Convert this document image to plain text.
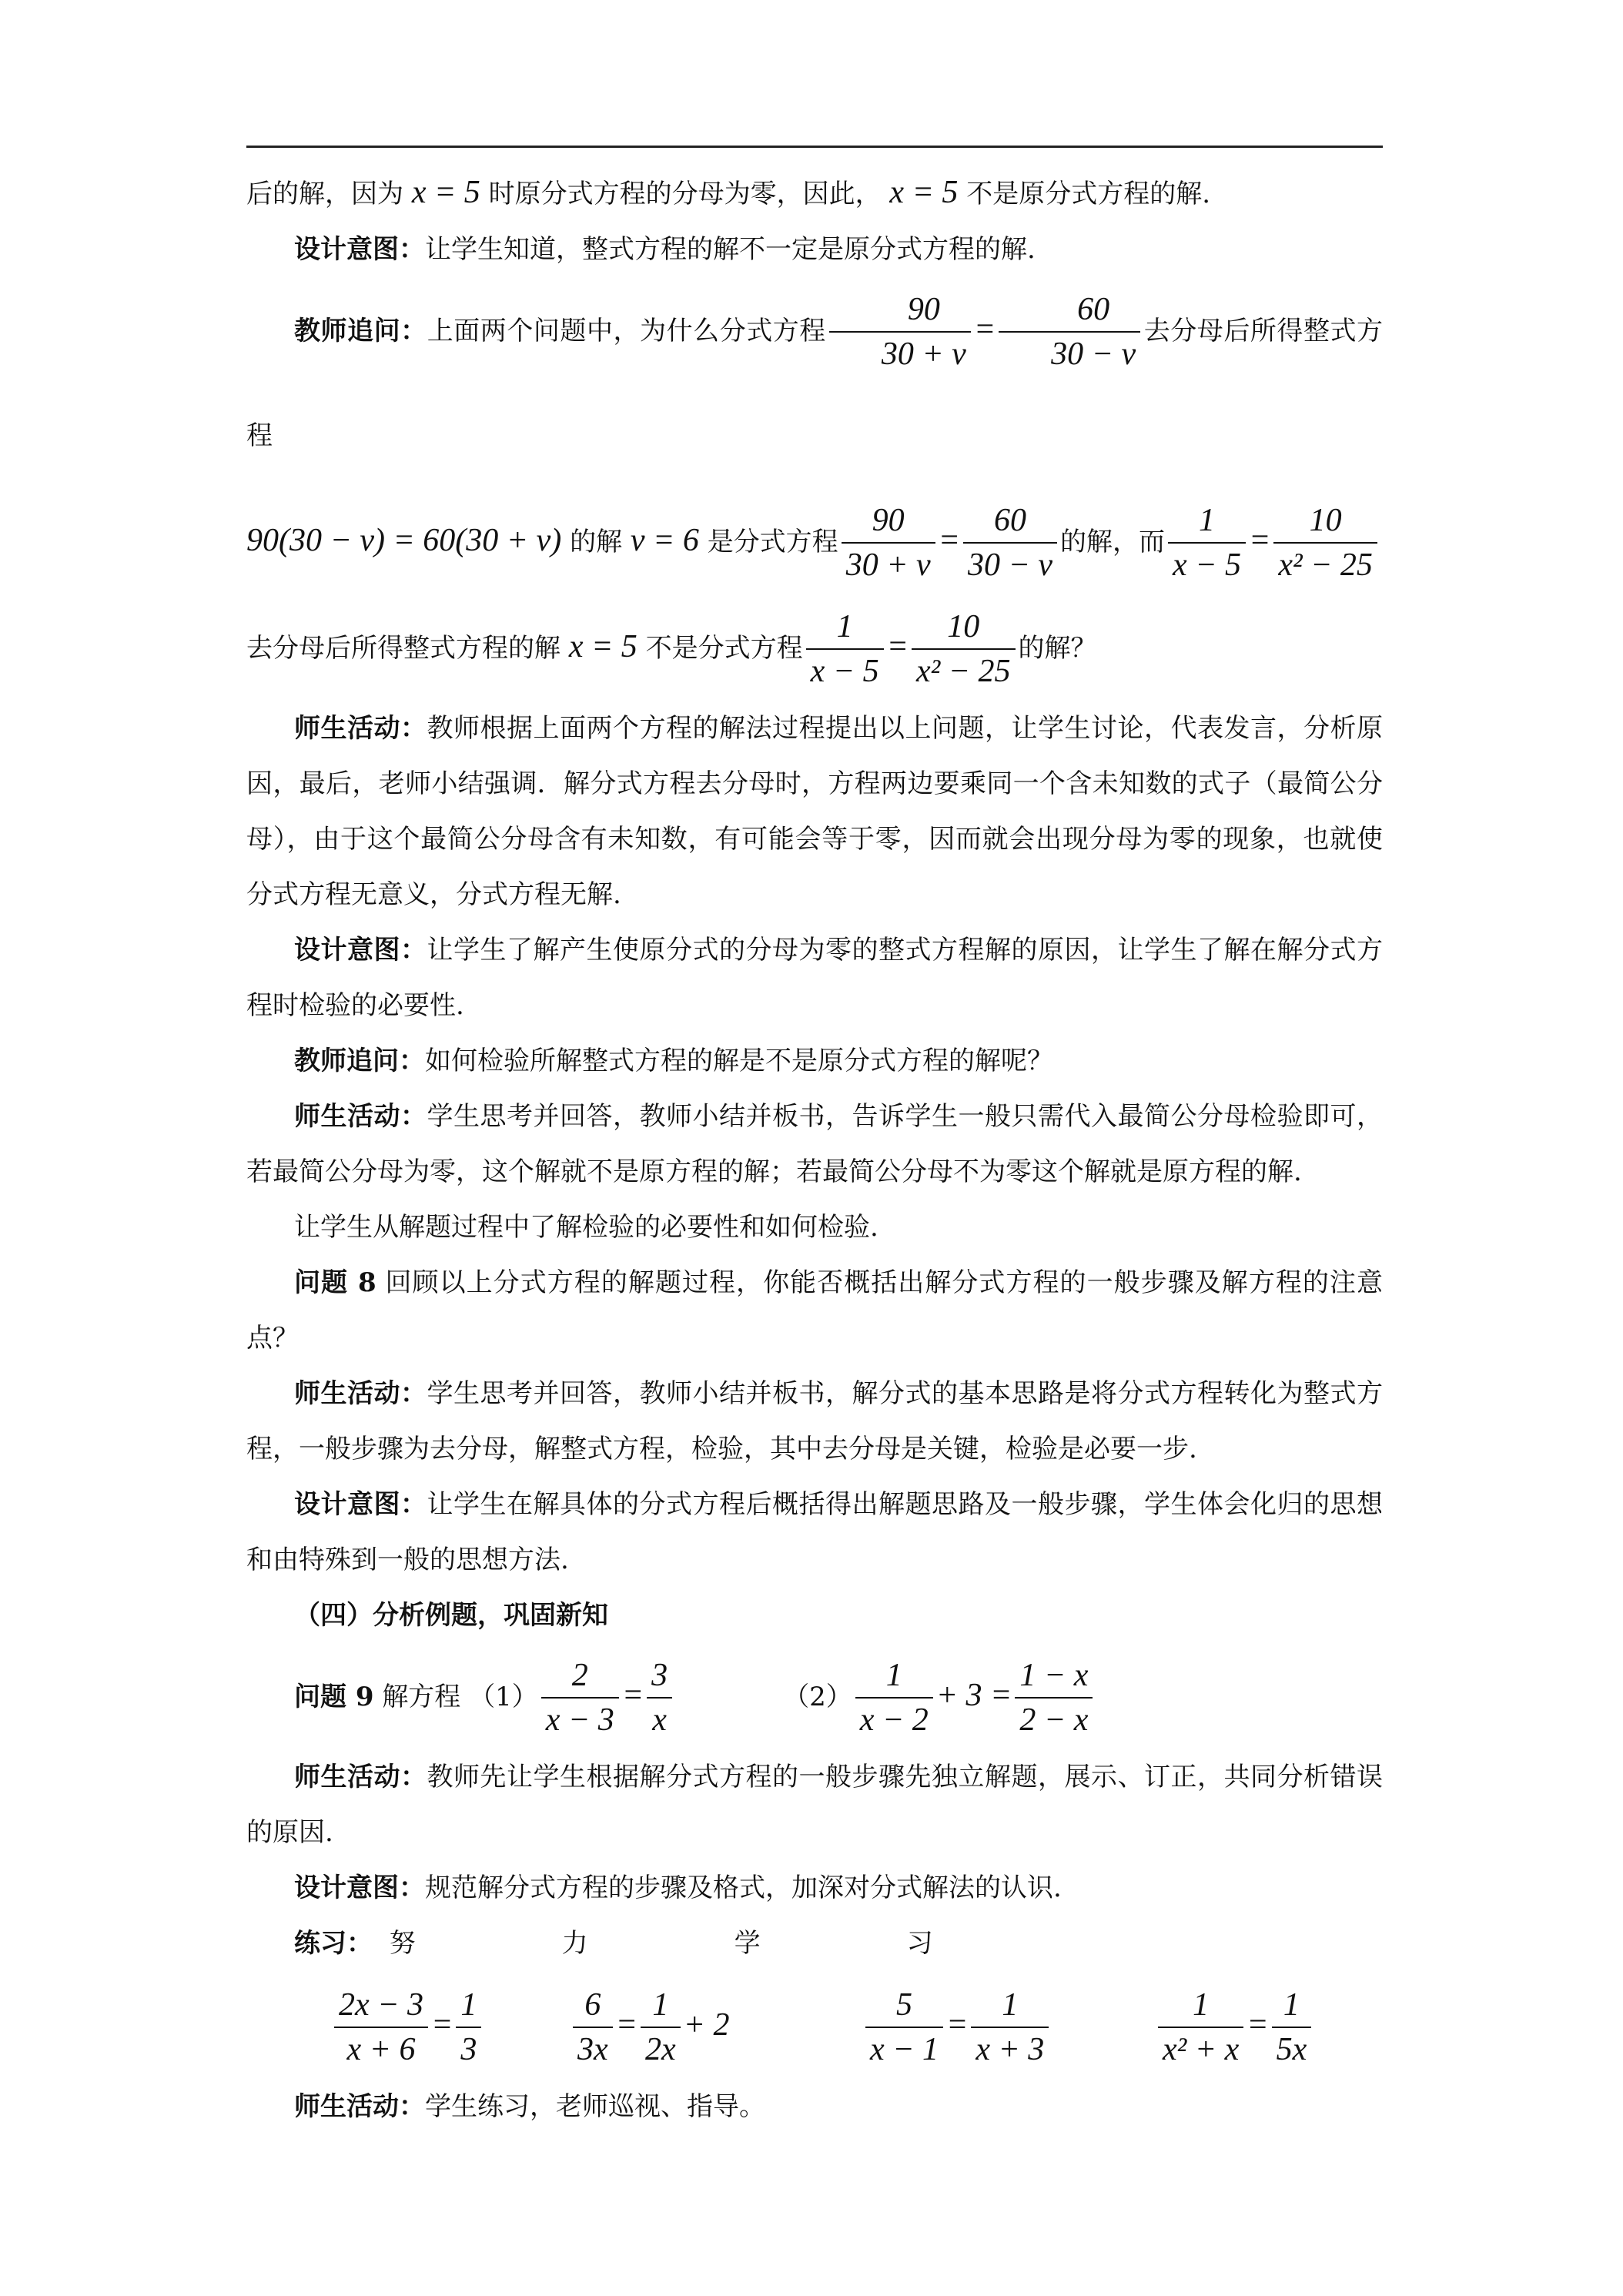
后的解，因为 x = 5 时原分式方程的分母为零，因此， x = 5 不是原分式方程的解.

设计意图：让学生知道，整式方程的解不一定是原分式方程的解.

教师追问：上面两个问题中，为什么分式方程 $\frac{90}{30 + v} = \frac{60}{30 - v}$ 去分母后所得整式方程

90(30 − v) = 60(30 + v) 的解 v = 6 是分式方程 $\frac{90}{30 + v} = \frac{60}{30 - v}$ 的解，而 $\frac{1}{x - 5} = \frac{10}{\text{x² − 25}}$

去分母后所得整式方程的解 x = 5 不是分式方程 $\frac{1}{x - 5} = \frac{10}{\text{x² − 25}}$ 的解？

师生活动：教师根据上面两个方程的解法过程提出以上问题，让学生讨论，代表发言，分析原因，最后，老师小结强调．解分式方程去分母时，方程两边要乘同一个含未知数的式子（最简公分母），由于这个最简公分母含有未知数，有可能会等于零，因而就会出现分母为零的现象，也就使分式方程无意义，分式方程无解.

设计意图：让学生了解产生使原分式的分母为零的整式方程解的原因，让学生了解在解分式方程时检验的必要性.

教师追问：如何检验所解整式方程的解是不是原分式方程的解呢？

师生活动：学生思考并回答，教师小结并板书，告诉学生一般只需代入最简公分母检验即可，若最简公分母为零，这个解就不是原方程的解；若最简公分母不为零这个解就是原方程的解.

让学生从解题过程中了解检验的必要性和如何检验.

问题 8 回顾以上分式方程的解题过程，你能否概括出解分式方程的一般步骤及解方程的注意点？

师生活动：学生思考并回答，教师小结并板书，解分式的基本思路是将分式方程转化为整式方程，一般步骤为去分母，解整式方程，检验，其中去分母是关键，检验是必要一步.

设计意图：让学生在解具体的分式方程后概括得出解题思路及一般步骤，学生体会化归的思想和由特殊到一般的思想方法.

（四）分析例题，巩固新知

问题 9 解方程 $(1) \frac{2}{x - 3} = \frac{3}{x}$	$(2) \frac{1}{x - 2} + 3 = \frac{1 - x}{2 - x}$

师生活动：教师先让学生根据解分式方程的一般步骤先独立解题，展示、订正，共同分析错误的原因.

设计意图：规范解分式方程的步骤及格式，加深对分式解法的认识.

练习： 努	力	学	习

$\frac{2x - 3}{x + 6} = \frac{1}{3}$	$\frac{6}{3x} = \frac{1}{2x} + 2$	$\frac{5}{x - 1} = \frac{1}{x + 3}$	$\frac{1}{\text{x² + x}} = \frac{1}{5x}$

师生活动：学生练习，老师巡视、指导。
